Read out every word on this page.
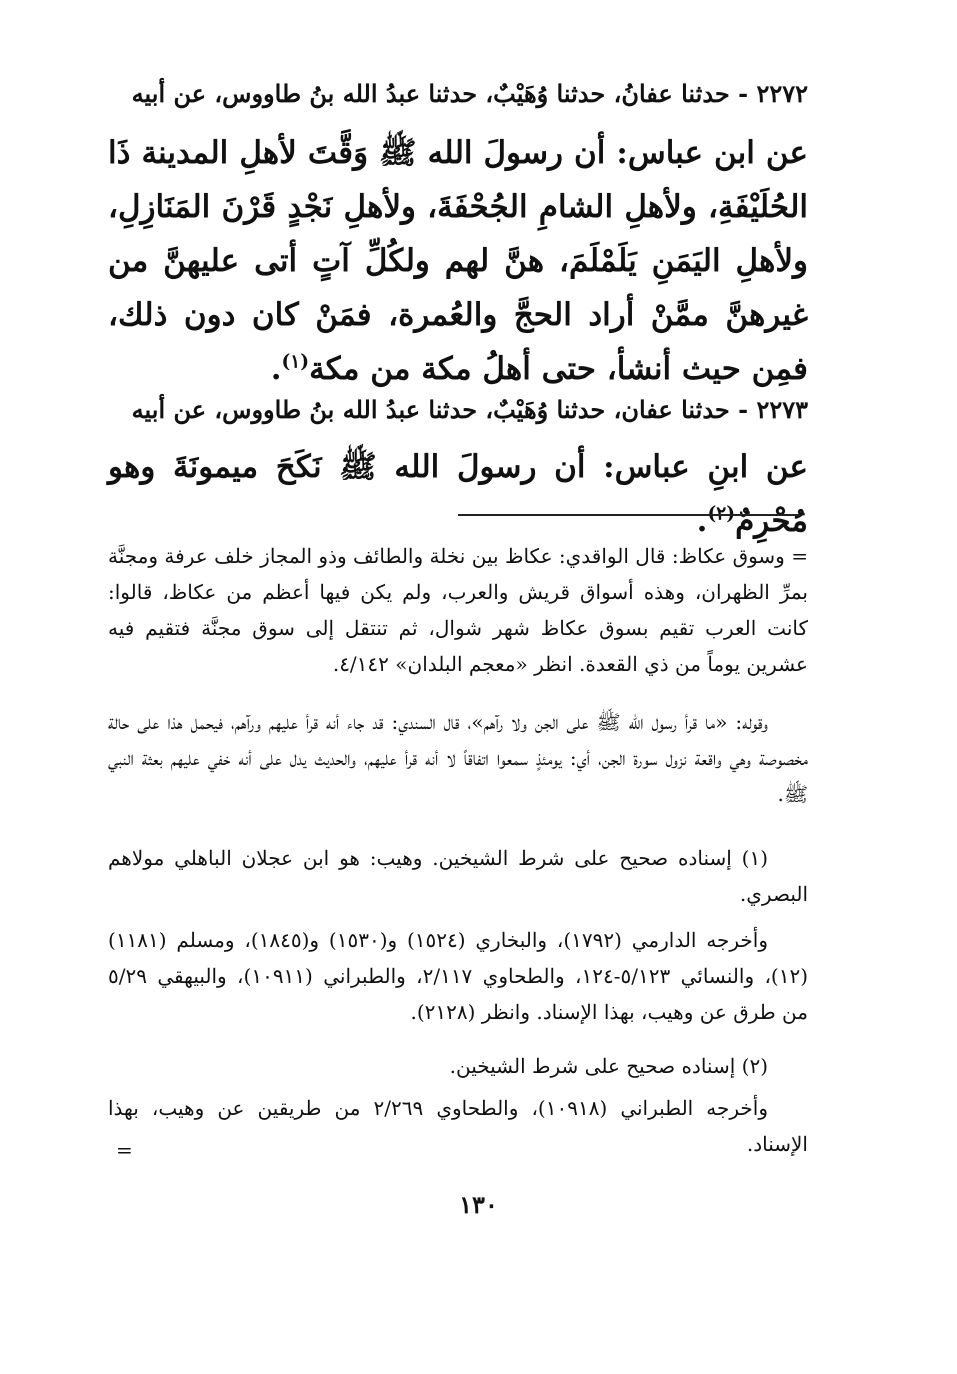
٢٢٧٢ - حدثنا عفانُ، حدثنا وُهَيْبٌ، حدثنا عبدُ الله بنُ طاووس، عن أبيه
عن ابن عباس: أن رسولَ الله ﷺ وَقَّتَ لأهلِ المدينة ذَا الحُلَيْفَةِ، ولأهلِ الشامِ الجُحْفَةَ، ولأهلِ نَجْدٍ قَرْنَ المَنَازِلِ، ولأهلِ اليَمَنِ يَلَمْلَمَ، هنَّ لهم ولكُلِّ آتٍ أتى عليهنَّ من غيرهنَّ ممَّنْ أراد الحجَّ والعُمرة، فمَنْ كان دون ذلك، فمِن حيث أنشأ، حتى أهلُ مكة من مكة$^{(١)}$.
٢٢٧٣ - حدثنا عفان، حدثنا وُهَيْبٌ، حدثنا عبدُ الله بنُ طاووس، عن أبيه
عن ابنِ عباس: أن رسولَ الله ﷺ نَكَحَ ميمونَةَ وهو مُحْرِمٌ$^{(٢)}$.
= وسوق عكاظ: قال الواقدي: عكاظ بين نخلة والطائف وذو المجاز خلف عرفة ومجنَّة بمرِّ الظهران، وهذه أسواق قريش والعرب، ولم يكن فيها أعظم من عكاظ، قالوا: كانت العرب تقيم بسوق عكاظ شهر شوال، ثم تنتقل إلى سوق مجنَّة فتقيم فيه عشرين يوماً من ذي القعدة. انظر «معجم البلدان» ٤/١٤٢.
وقوله: «ما قرأ رسول الله ﷺ على الجن ولا رآهم»، قال السندي: قد جاء أنه قرأ عليهم ورآهم، فيحمل هذا على حالة مخصوصة وهي واقعة نزول سورة الجن، أي: يومئذٍ سمعوا اتفاقاً لا أنه قرأ عليهم، والحديث يدل على أنه خفي عليهم بعثة النبي ﷺ.
(١) إسناده صحيح على شرط الشيخين. وهيب: هو ابن عجلان الباهلي مولاهم البصري.
وأخرجه الدارمي (١٧٩٢)، والبخاري (١٥٢٤) و(١٥٣٠) و(١٨٤٥)، ومسلم (١١٨١) (١٢)، والنسائي ٥/١٢٣-١٢٤، والطحاوي ٢/١١٧، والطبراني (١٠٩١١)، والبيهقي ٥/٢٩ من طرق عن وهيب، بهذا الإسناد. وانظر (٢١٢٨).
(٢) إسناده صحيح على شرط الشيخين.
وأخرجه الطبراني (١٠٩١٨)، والطحاوي ٢/٢٦٩ من طريقين عن وهيب، بهذا الإسناد.
=
١٣٠
